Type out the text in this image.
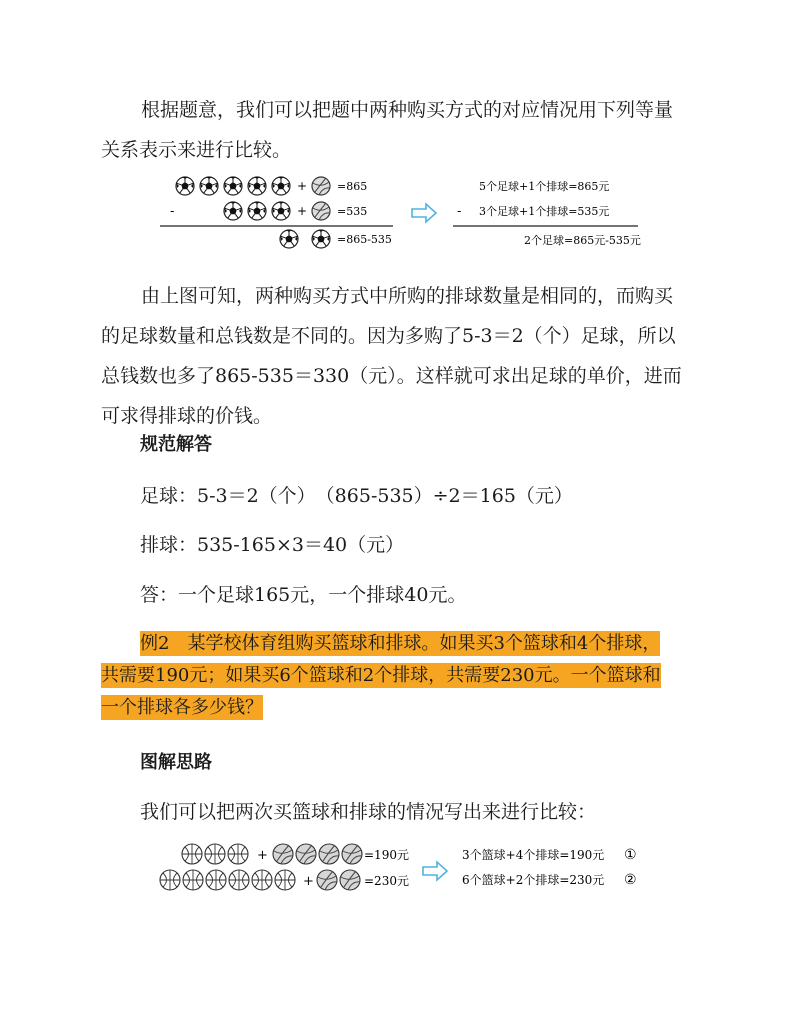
根据题意，我们可以把题中两种购买方式的对应情况用下列等量
关系表示来进行比较。
+	=865
-	+	=535
=865-535
5个足球+1个排球=865元
- 3个足球+1个排球=535元
2个足球=865元-535元
由上图可知，两种购买方式中所购的排球数量是相同的，而购买
的足球数量和总钱数是不同的。因为多购了5-3＝2（个）足球，所以
总钱数也多了865-535＝330（元）。这样就可求出足球的单价，进而
可求得排球的价钱。
规范解答
足球：5-3＝2（个）　（865-535）÷2＝165（元）
排球：535-165×3＝40（元）
答：一个足球165元，一个排球40元。
例2　某学校体育组购买篮球和排球。如果买3个篮球和4个排球，
共需要190元；如果买6个篮球和2个排球，共需要230元。一个篮球和
一个排球各多少钱？
图解思路
我们可以把两次买篮球和排球的情况写出来进行比较：
+	=190元
+	=230元
3个篮球+4个排球=190元 ①
6个篮球+2个排球=230元 ②
